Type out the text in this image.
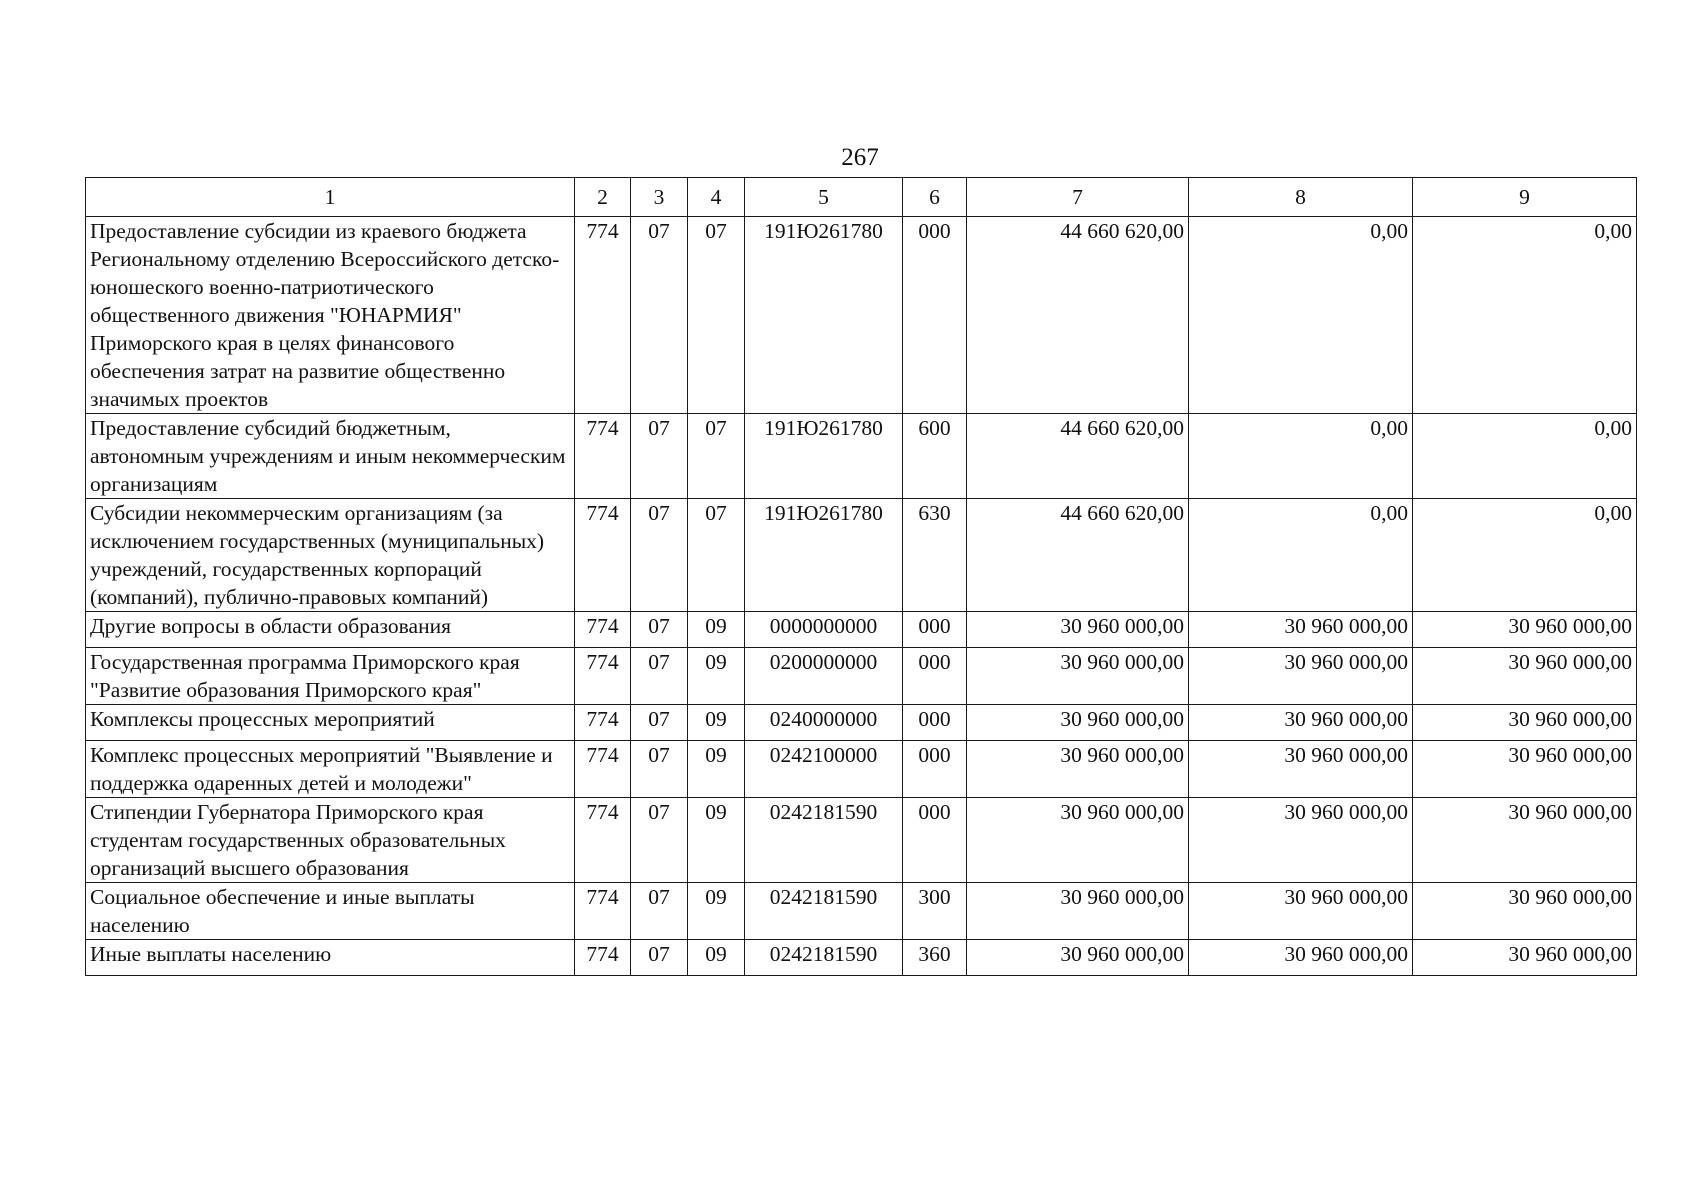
267
1	2	3	4	5	6	7	8	9
Предоставление субсидии из краевого бюджета Региональному отделению Всероссийского детско-юношеского военно-патриотического общественного движения "ЮНАРМИЯ" Приморского края в целях финансового обеспечения затрат на развитие общественно значимых проектов	774	07	07	191Ю261780	000	44 660 620,00	0,00	0,00
Предоставление субсидий бюджетным, автономным учреждениям и иным некоммерческим организациям	774	07	07	191Ю261780	600	44 660 620,00	0,00	0,00
Субсидии некоммерческим организациям (за исключением государственных (муниципальных) учреждений, государственных корпораций (компаний), публично-правовых компаний)	774	07	07	191Ю261780	630	44 660 620,00	0,00	0,00
Другие вопросы в области образования	774	07	09	0000000000	000	30 960 000,00	30 960 000,00	30 960 000,00
Государственная программа Приморского края "Развитие образования Приморского края"	774	07	09	0200000000	000	30 960 000,00	30 960 000,00	30 960 000,00
Комплексы процессных мероприятий	774	07	09	0240000000	000	30 960 000,00	30 960 000,00	30 960 000,00
Комплекс процессных мероприятий "Выявление и поддержка одаренных детей и молодежи"	774	07	09	0242100000	000	30 960 000,00	30 960 000,00	30 960 000,00
Стипендии Губернатора Приморского края студентам государственных образовательных организаций высшего образования	774	07	09	0242181590	000	30 960 000,00	30 960 000,00	30 960 000,00
Социальное обеспечение и иные выплаты населению	774	07	09	0242181590	300	30 960 000,00	30 960 000,00	30 960 000,00
Иные выплаты населению	774	07	09	0242181590	360	30 960 000,00	30 960 000,00	30 960 000,00
